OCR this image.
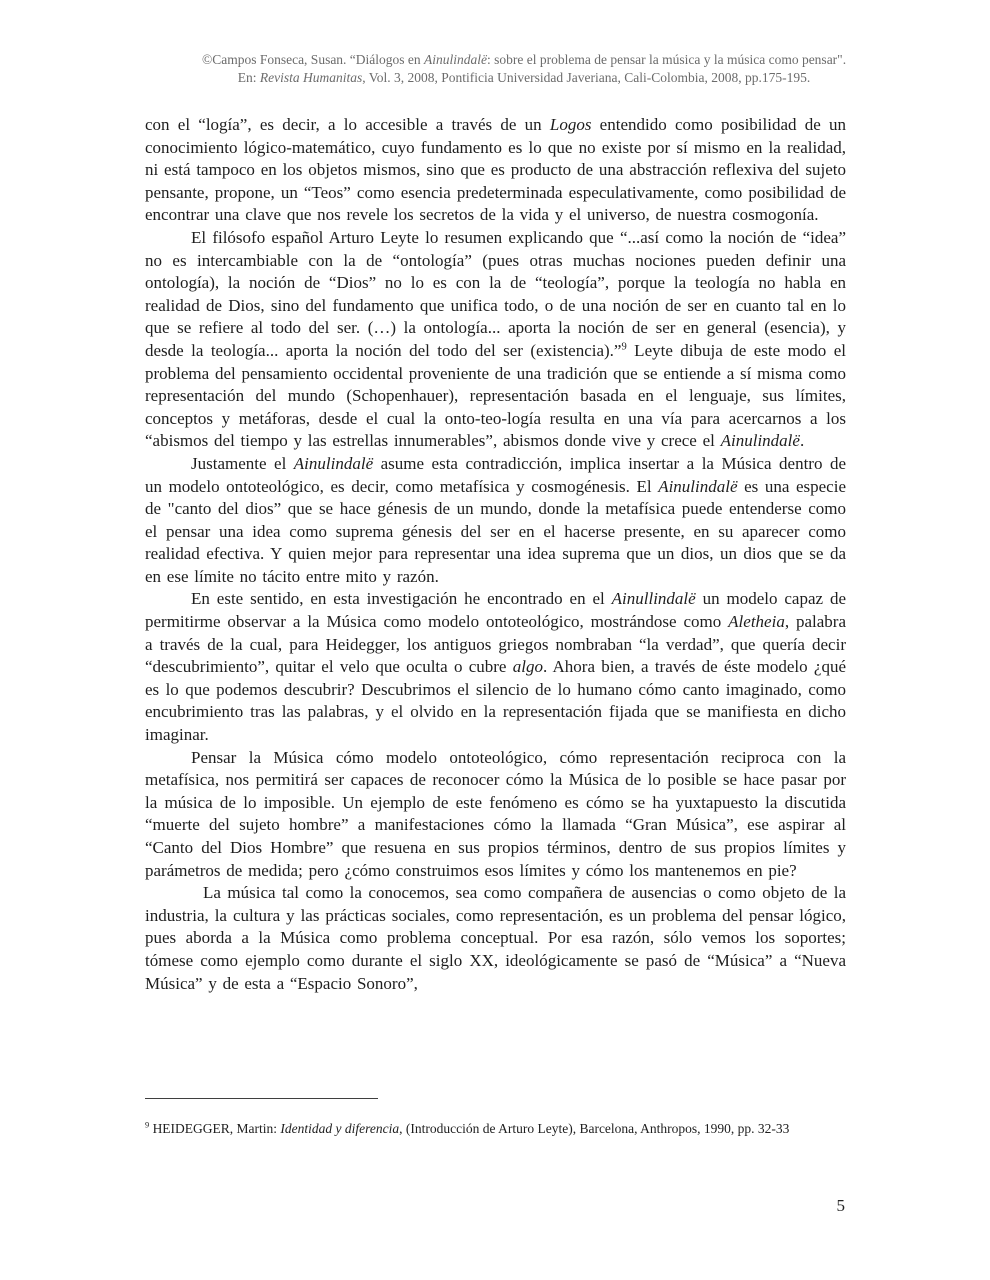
©Campos Fonseca, Susan. “Diálogos en Ainulindalë: sobre el problema de pensar la música y la música como pensar".
En: Revista Humanitas, Vol. 3, 2008, Pontificia Universidad Javeriana, Cali-Colombia, 2008, pp.175-195.

con el “logía”, es decir, a lo accesible a través de un Logos entendido como posibilidad de un conocimiento lógico-matemático, cuyo fundamento es lo que no existe por sí mismo en la realidad, ni está tampoco en los objetos mismos, sino que es producto de una abstracción reflexiva del sujeto pensante, propone, un “Teos” como esencia predeterminada especulativamente, como posibilidad de encontrar una clave que nos revele los secretos de la vida y el universo, de nuestra cosmogonía.

El filósofo español Arturo Leyte lo resumen explicando que “...así como la noción de “idea” no es intercambiable con la de “ontología” (pues otras muchas nociones pueden definir una ontología), la noción de “Dios” no lo es con la de “teología”, porque la teología no habla en realidad de Dios, sino del fundamento que unifica todo, o de una noción de ser en cuanto tal en lo que se refiere al todo del ser. (…) la ontología... aporta la noción de ser en general (esencia), y desde la teología... aporta la noción del todo del ser (existencia).”$^9$ Leyte dibuja de este modo el problema del pensamiento occidental proveniente de una tradición que se entiende a sí misma como representación del mundo (Schopenhauer), representación basada en el lenguaje, sus límites, conceptos y metáforas, desde el cual la onto-teo-logía resulta en una vía para acercarnos a los “abismos del tiempo y las estrellas innumerables”, abismos donde vive y crece el Ainulindalë.

Justamente el Ainulindalë asume esta contradicción, implica insertar a la Música dentro de un modelo ontoteológico, es decir, como metafísica y cosmogénesis. El Ainulindalë es una especie de "canto del dios” que se hace génesis de un mundo, donde la metafísica puede entenderse como el pensar una idea como suprema génesis del ser en el hacerse presente, en su aparecer como realidad efectiva. Y quien mejor para representar una idea suprema que un dios, un dios que se da en ese límite no tácito entre mito y razón.

En este sentido, en esta investigación he encontrado en el Ainullindalë un modelo capaz de permitirme observar a la Música como modelo ontoteológico, mostrándose como Aletheia, palabra a través de la cual, para Heidegger, los antiguos griegos nombraban “la verdad”, que quería decir “descubrimiento”, quitar el velo que oculta o cubre algo. Ahora bien, a través de éste modelo ¿qué es lo que podemos descubrir? Descubrimos el silencio de lo humano cómo canto imaginado, como encubrimiento tras las palabras, y el olvido en la representación fijada que se manifiesta en dicho imaginar.

Pensar la Música cómo modelo ontoteológico, cómo representación reciproca con la metafísica, nos permitirá ser capaces de reconocer cómo la Música de lo posible se hace pasar por la música de lo imposible. Un ejemplo de este fenómeno es cómo se ha yuxtapuesto la discutida “muerte del sujeto hombre” a manifestaciones cómo la llamada “Gran Música”, ese aspirar al “Canto del Dios Hombre” que resuena en sus propios términos, dentro de sus propios límites y parámetros de medida; pero ¿cómo construimos esos límites y cómo los mantenemos en pie?

La música tal como la conocemos, sea como compañera de ausencias o como objeto de la industria, la cultura y las prácticas sociales, como representación, es un problema del pensar lógico, pues aborda a la Música como problema conceptual. Por esa razón, sólo vemos los soportes; tómese como ejemplo como durante el siglo XX, ideológicamente se pasó de “Música” a “Nueva Música” y de esta a “Espacio Sonoro”,

$^9$ HEIDEGGER, Martin: Identidad y diferencia, (Introducción de Arturo Leyte), Barcelona, Anthropos, 1990, pp. 32-33
5
